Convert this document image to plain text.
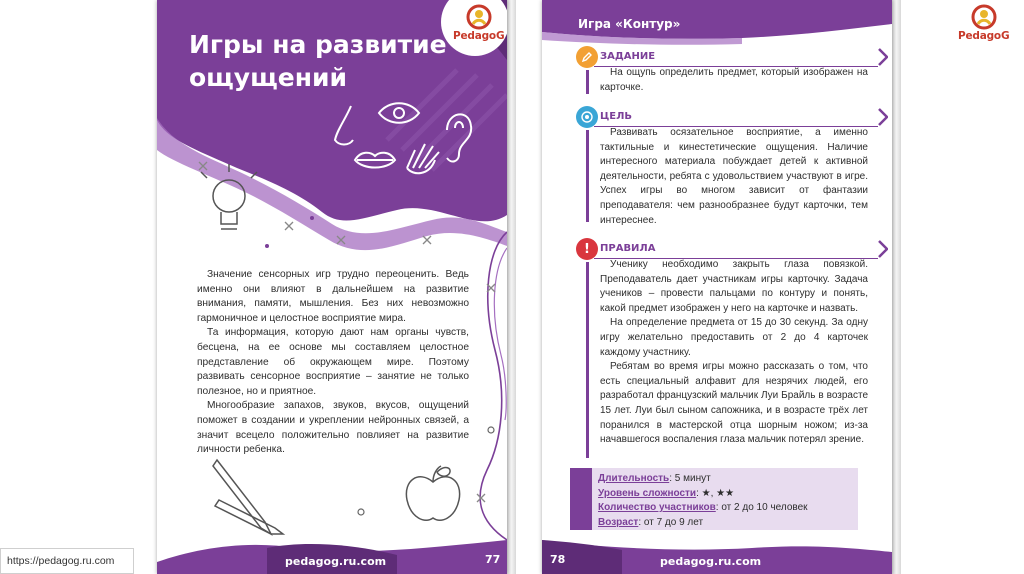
PedagoG
Игры на развитие
ощущений

Значение сенсорных игр трудно переоценить. Ведь именно они влияют в дальнейшем на развитие внимания, памяти, мышления. Без них невозможно гармоничное и целостное восприятие мира.

Та информация, которую дают нам органы чувств, бесцена, на ее основе мы составляем целостное представление об окружающем мире. Поэтому развивать сенсорное восприятие – занятие не только полезное, но и приятное.

Многообразие запахов, звуков, вкусов, ощущений поможет в создании и укреплении нейронных связей, а значит всецело положительно повлияет на развитие личности ребенка.

pedagog.ru.com	77
Игра «Контур»
ЗАДАНИЕ

На ощупь определить предмет, который изображен на карточке.

ЦЕЛЬ

Развивать осязательное восприятие, а именно тактильные и кинестетические ощущения. Наличие интересного материала побуждает детей к активной деятельности, ребята с удовольствием участвуют в игре. Успех игры во многом зависит от фантазии преподавателя: чем разнообразнее будут карточки, тем интереснее.

! ПРАВИЛА

Ученику необходимо закрыть глаза повязкой. Преподаватель дает участникам игры карточку. Задача учеников – провести пальцами по контуру и понять, какой предмет изображен у него на карточке и назвать.

На определение предмета от 15 до 30 секунд. За одну игру желательно предоставить от 2 до 4 карточек каждому участнику.

Ребятам во время игры можно рассказать о том, что есть специальный алфавит для незрячих людей, его разработал французский мальчик Луи Брайль в возрасте 15 лет. Луи был сыном сапожника, и в возрасте трёх лет поранился в мастерской отца шорным ножом; из-за начавшегося воспаления глаза мальчик потерял зрение.

Длительность: 5 минут
Уровень сложности: ★, ★★
Количество участников: от 2 до 10 человек
Возраст: от 7 до 9 лет
78	pedagog.ru.com
PedagoG
https://pedagog.ru.com
